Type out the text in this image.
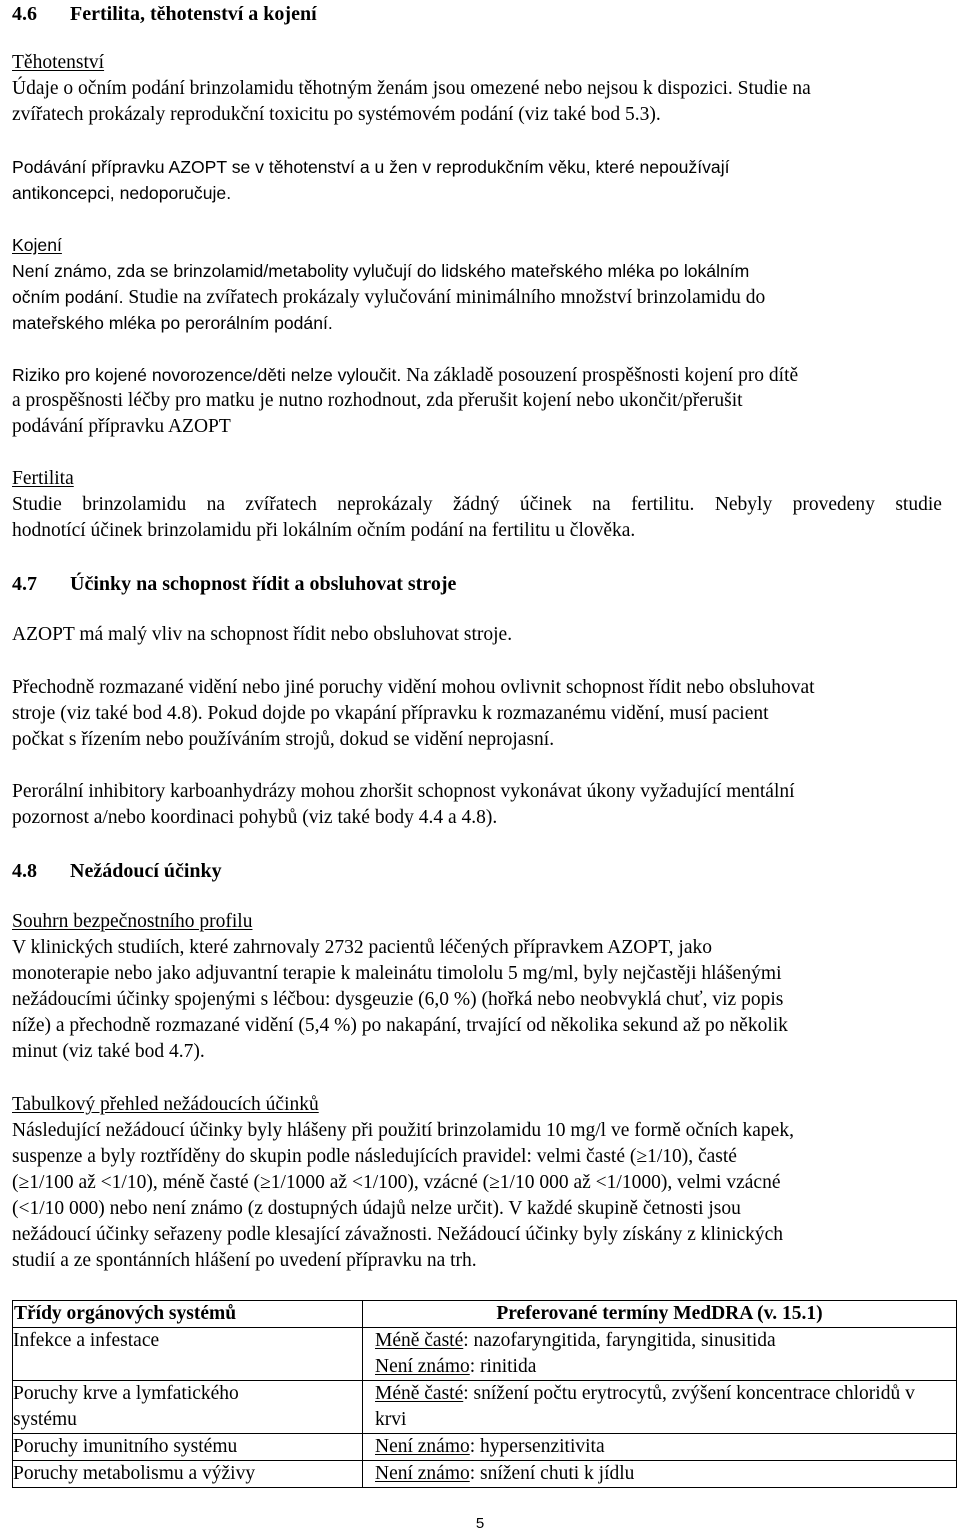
4.6 Fertilita, těhotenství a kojení
Těhotenství
Údaje o očním podání brinzolamidu těhotným ženám jsou omezené nebo nejsou k dispozici. Studie na
zvířatech prokázaly reprodukční toxicitu po systémovém podání (viz také bod 5.3).
Podávání přípravku AZOPT se v těhotenství a u žen v reprodukčním věku, které nepoužívají
antikoncepci, nedoporučuje.
Kojení
Není známo, zda se brinzolamid/metabolity vylučují do lidského mateřského mléka po lokálním
očním podání. Studie na zvířatech prokázaly vylučování minimálního množství brinzolamidu do
mateřského mléka po perorálním podání.
Riziko pro kojené novorozence/děti nelze vyloučit. Na základě posouzení prospěšnosti kojení pro dítě
a prospěšnosti léčby pro matku je nutno rozhodnout, zda přerušit kojení nebo ukončit/přerušit
podávání přípravku AZOPT
Fertilita
Studie brinzolamidu na zvířatech neprokázaly žádný účinek na fertilitu. Nebyly provedeny studie
hodnotící účinek brinzolamidu při lokálním očním podání na fertilitu u člověka.
4.7 Účinky na schopnost řídit a obsluhovat stroje
AZOPT má malý vliv na schopnost řídit nebo obsluhovat stroje.
Přechodně rozmazané vidění nebo jiné poruchy vidění mohou ovlivnit schopnost řídit nebo obsluhovat
stroje (viz také bod 4.8). Pokud dojde po vkapání přípravku k rozmazanému vidění, musí pacient
počkat s řízením nebo používáním strojů, dokud se vidění neprojasní.
Perorální inhibitory karboanhydrázy mohou zhoršit schopnost vykonávat úkony vyžadující mentální
pozornost a/nebo koordinaci pohybů (viz také body 4.4 a 4.8).
4.8 Nežádoucí účinky
Souhrn bezpečnostního profilu
V klinických studiích, které zahrnovaly 2732 pacientů léčených přípravkem AZOPT, jako
monoterapie nebo jako adjuvantní terapie k maleinátu timololu 5 mg/ml, byly nejčastěji hlášenými
nežádoucími účinky spojenými s léčbou: dysgeuzie (6,0 %) (hořká nebo neobvyklá chuť, viz popis
níže) a přechodně rozmazané vidění (5,4 %) po nakapání, trvající od několika sekund až po několik
minut (viz také bod 4.7).
Tabulkový přehled nežádoucích účinků
Následující nežádoucí účinky byly hlášeny při použití brinzolamidu 10 mg/l ve formě očních kapek,
suspenze a byly roztříděny do skupin podle následujících pravidel: velmi časté (≥1/10), časté
(≥1/100 až <1/10), méně časté (≥1/1000 až <1/100), vzácné (≥1/10 000 až <1/1000), velmi vzácné
(<1/10 000) nebo není známo (z dostupných údajů nelze určit). V každé skupině četnosti jsou
nežádoucí účinky seřazeny podle klesající závažnosti. Nežádoucí účinky byly získány z klinických
studií a ze spontánních hlášení po uvedení přípravku na trh.
Třídy orgánových systémů	Preferované termíny MedDRA (v. 15.1)
Infekce a infestace	Méně časté: nazofaryngitida, faryngitida, sinusitida
Není známo: rinitida

Poruchy krve a lymfatického systému	Méně časté: snížení počtu erytrocytů, zvýšení koncentrace chloridů v krvi
Poruchy imunitního systému	Není známo: hypersenzitivita
Poruchy metabolismu a výživy	Není známo: snížení chuti k jídlu
5
